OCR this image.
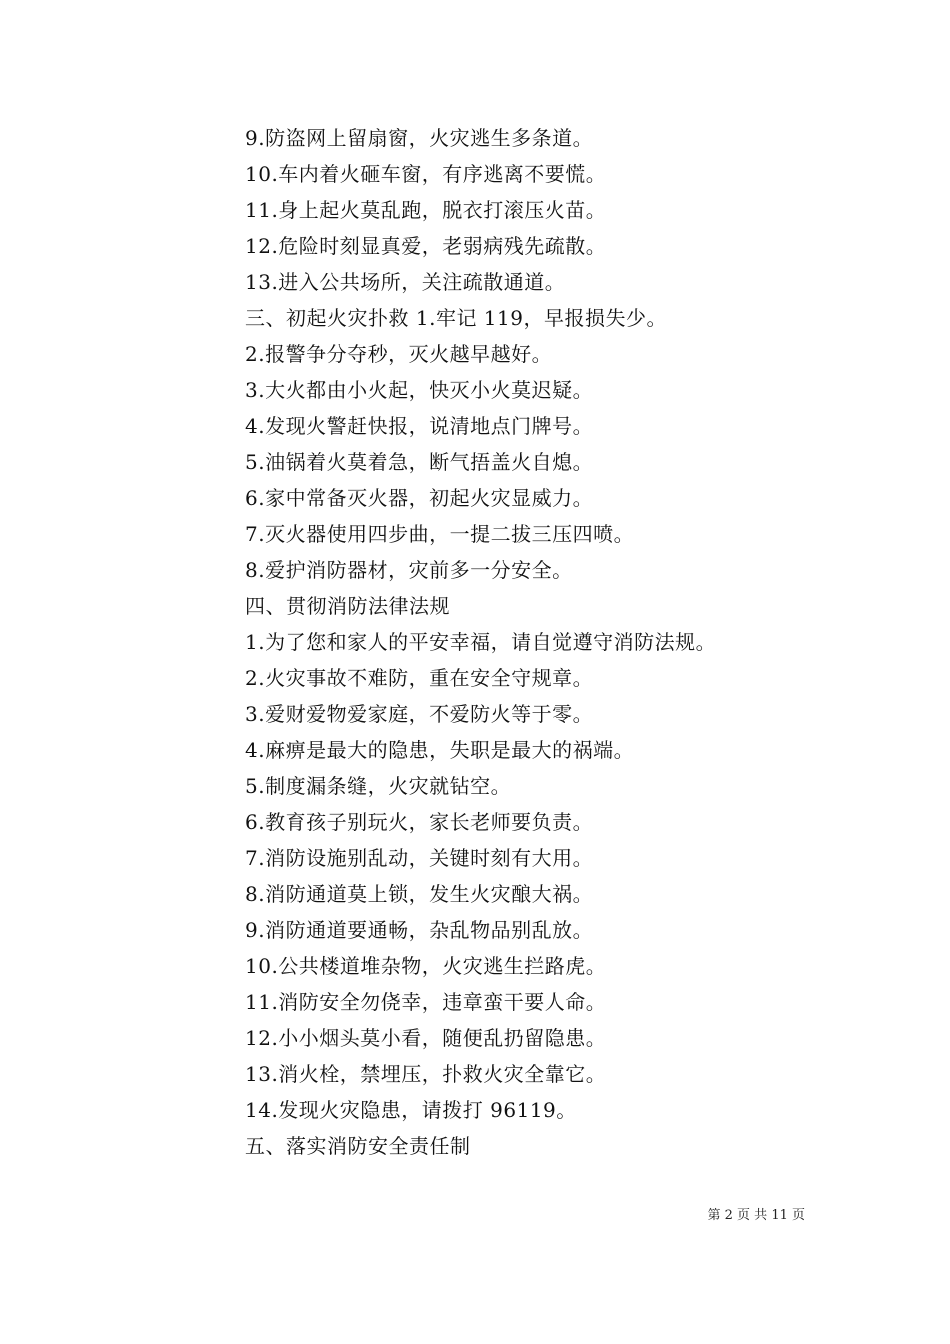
9.防盗网上留扇窗，火灾逃生多条道。
10.车内着火砸车窗，有序逃离不要慌。
11.身上起火莫乱跑，脱衣打滚压火苗。
12.危险时刻显真爱，老弱病残先疏散。
13.进入公共场所，关注疏散通道。
三、初起火灾扑救 1.牢记 119，早报损失少。
2.报警争分夺秒，灭火越早越好。
3.大火都由小火起，快灭小火莫迟疑。
4.发现火警赶快报，说清地点门牌号。
5.油锅着火莫着急，断气捂盖火自熄。
6.家中常备灭火器，初起火灾显威力。
7.灭火器使用四步曲，一提二拔三压四喷。
8.爱护消防器材，灾前多一分安全。
四、贯彻消防法律法规
1.为了您和家人的平安幸福，请自觉遵守消防法规。
2.火灾事故不难防，重在安全守规章。
3.爱财爱物爱家庭，不爱防火等于零。
4.麻痹是最大的隐患，失职是最大的祸端。
5.制度漏条缝，火灾就钻空。
6.教育孩子别玩火，家长老师要负责。
7.消防设施别乱动，关键时刻有大用。
8.消防通道莫上锁，发生火灾酿大祸。
9.消防通道要通畅，杂乱物品别乱放。
10.公共楼道堆杂物，火灾逃生拦路虎。
11.消防安全勿侥幸，违章蛮干要人命。
12.小小烟头莫小看，随便乱扔留隐患。
13.消火栓，禁埋压，扑救火灾全靠它。
14.发现火灾隐患，请拨打 96119。
五、落实消防安全责任制
第 2 页 共 11 页
